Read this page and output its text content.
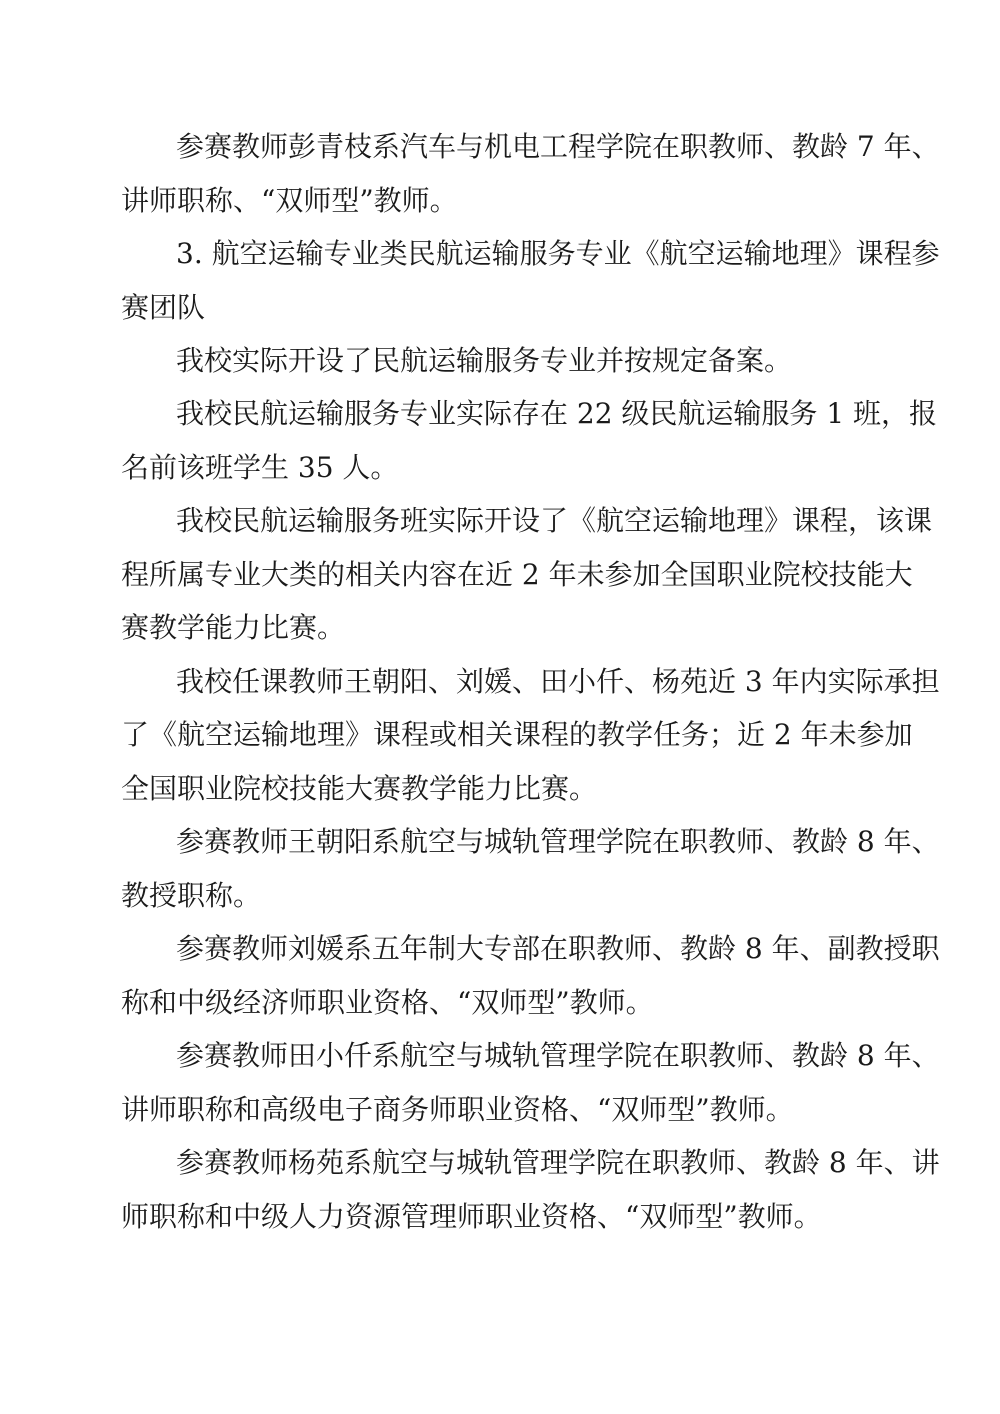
参赛教师彭青枝系汽车与机电工程学院在职教师、教龄 7 年、
讲师职称、“双师型”教师。
3. 航空运输专业类民航运输服务专业《航空运输地理》课程参
赛团队
我校实际开设了民航运输服务专业并按规定备案。
我校民航运输服务专业实际存在 22 级民航运输服务 1 班，报
名前该班学生 35 人。
我校民航运输服务班实际开设了《航空运输地理》课程，该课
程所属专业大类的相关内容在近 2 年未参加全国职业院校技能大
赛教学能力比赛。
我校任课教师王朝阳、刘媛、田小仟、杨苑近 3 年内实际承担
了《航空运输地理》课程或相关课程的教学任务；近 2 年未参加
全国职业院校技能大赛教学能力比赛。
参赛教师王朝阳系航空与城轨管理学院在职教师、教龄 8 年、
教授职称。
参赛教师刘媛系五年制大专部在职教师、教龄 8 年、副教授职
称和中级经济师职业资格、“双师型”教师。
参赛教师田小仟系航空与城轨管理学院在职教师、教龄 8 年、
讲师职称和高级电子商务师职业资格、“双师型”教师。
参赛教师杨苑系航空与城轨管理学院在职教师、教龄 8 年、讲
师职称和中级人力资源管理师职业资格、“双师型”教师。
